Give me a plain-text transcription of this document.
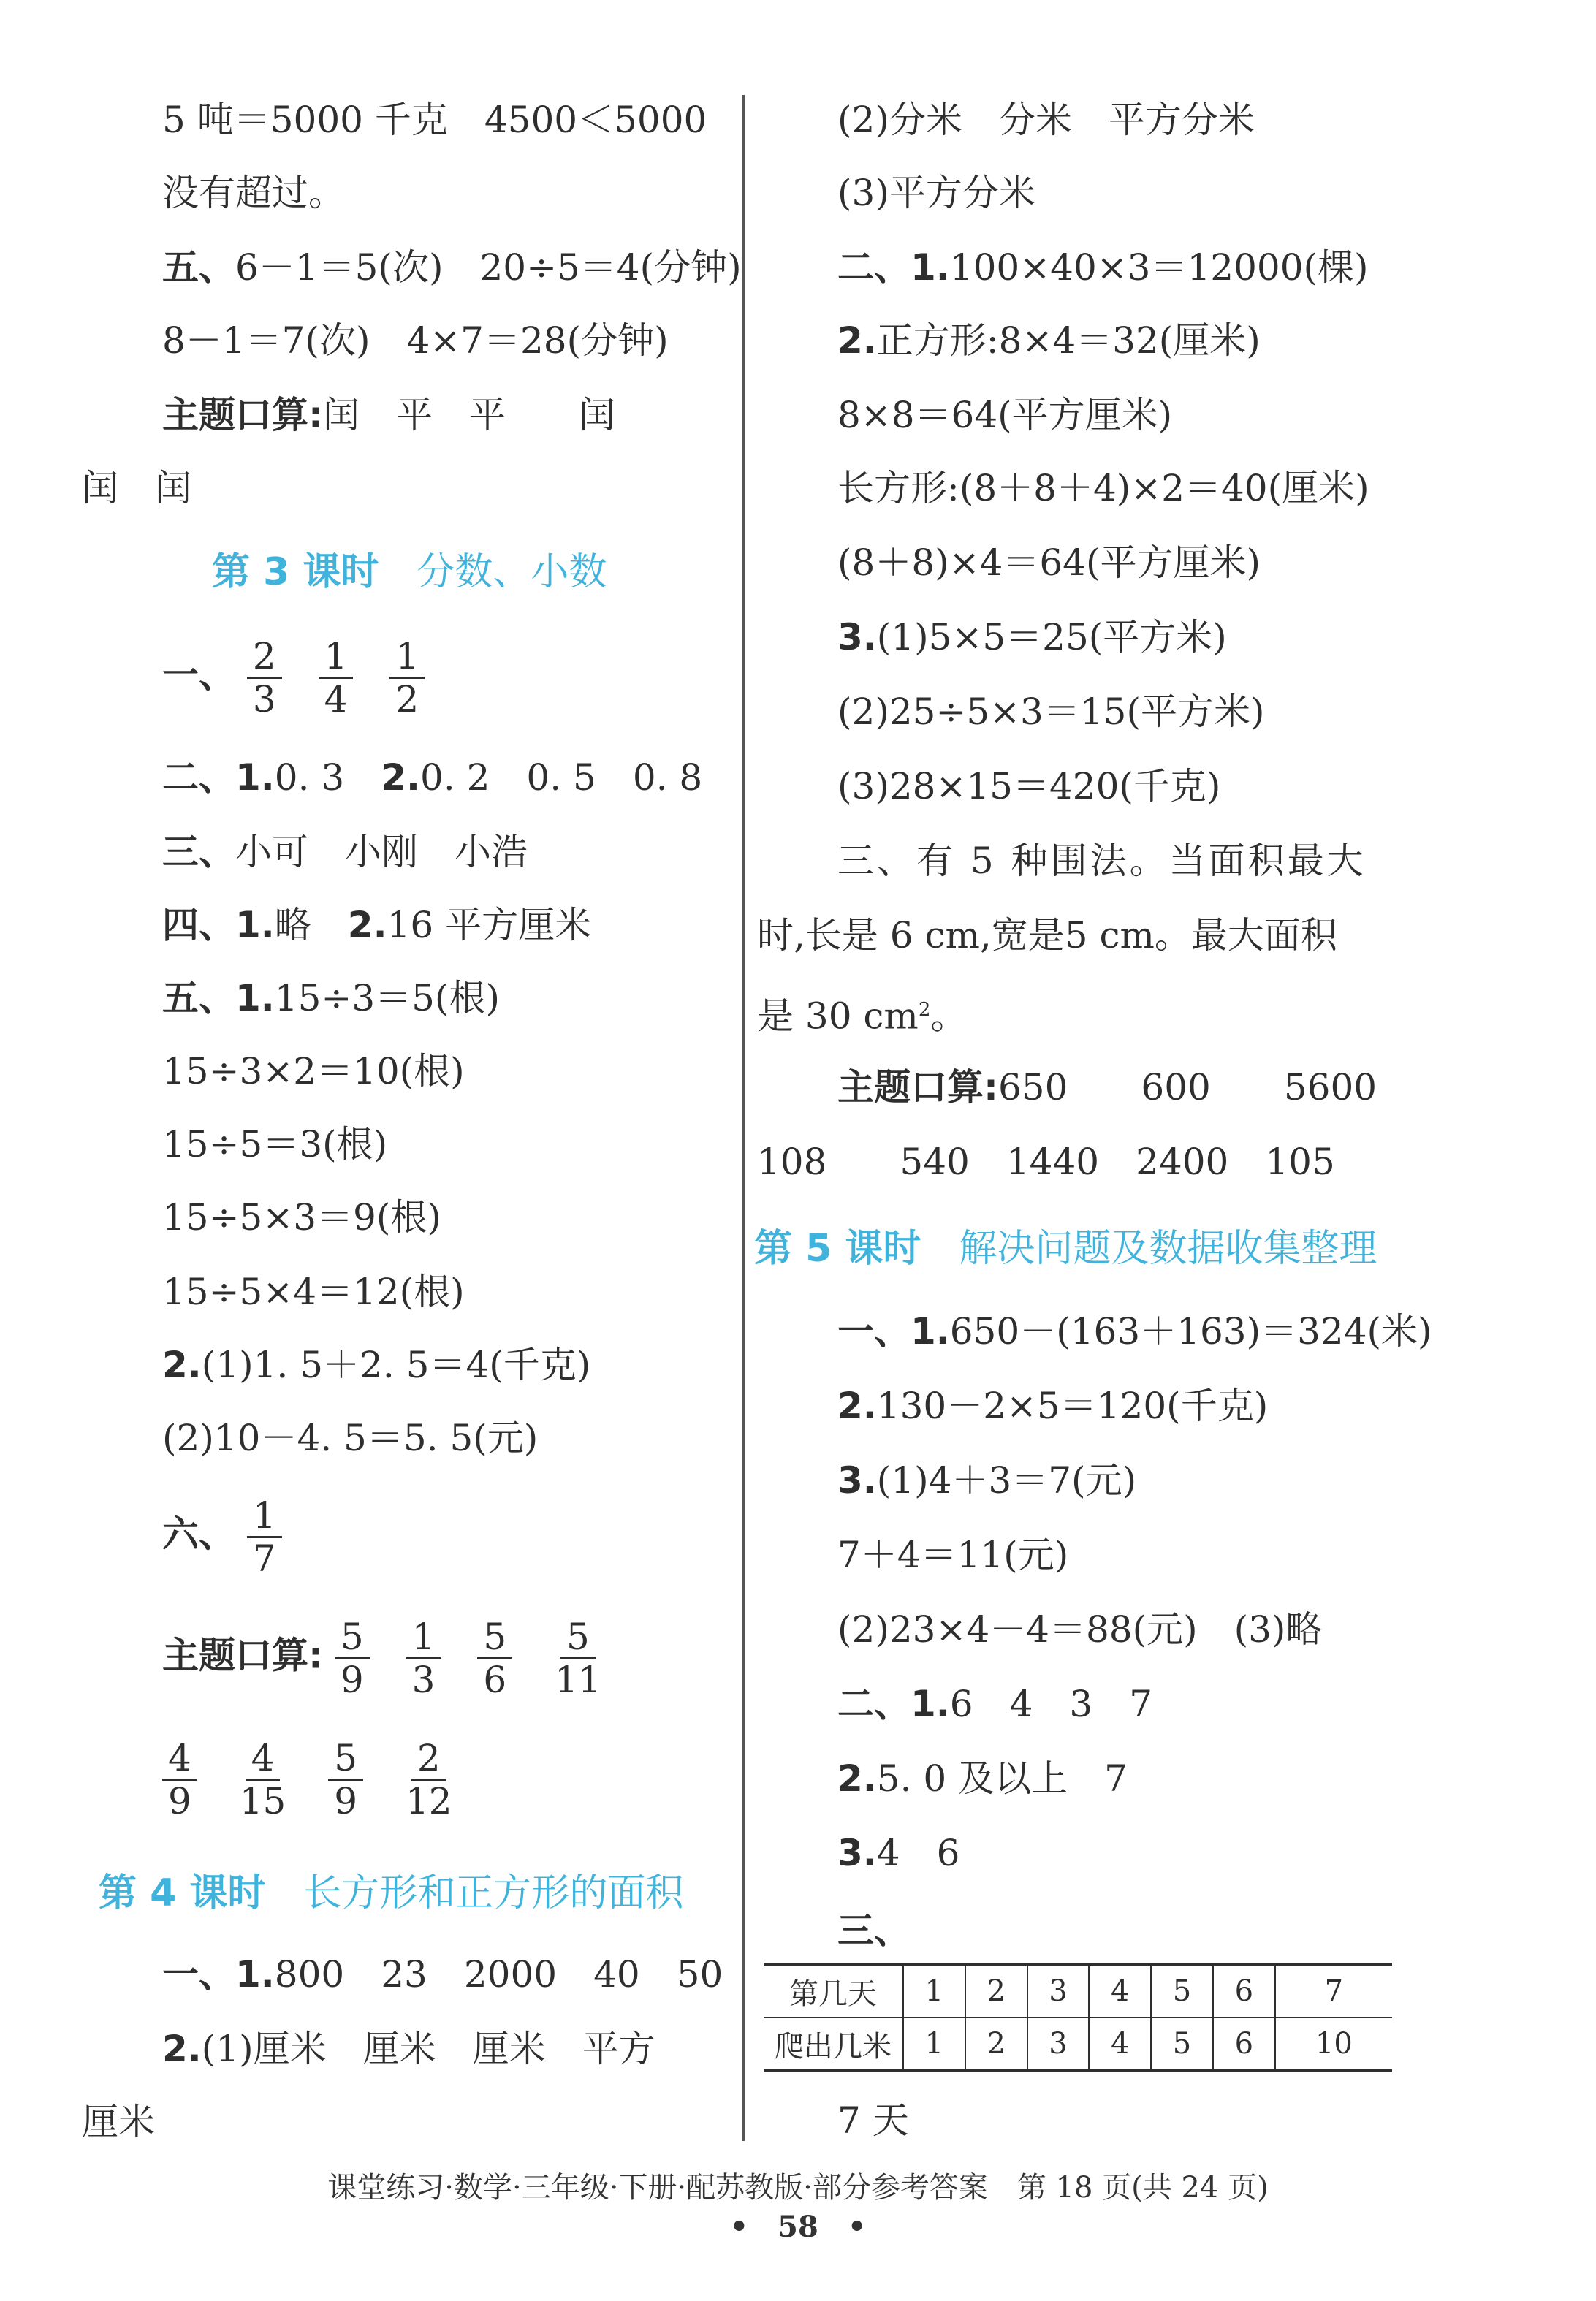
5 吨＝5000 千克　4500＜5000
没有超过。
五、6－1＝5(次)　20÷5＝4(分钟)
8－1＝7(次)　4×7＝28(分钟)
主题口算:闰　平　平　　闰
闰　闰
第 3 课时　 分数、小数
一、 $\frac{2}{3}$
$\frac{1}{4}$
$\frac{1}{2}$
二、1.0. 3　 2.0. 2　0. 5　0. 8
三、小可　小刚　小浩
四、1.略　 2.16 平方厘米
五、1.15÷3＝5(根)
15÷3×2＝10(根)
15÷5＝3(根)
15÷5×3＝9(根)
15÷5×4＝12(根)
2.(1)1. 5＋2. 5＝4(千克)
(2)10－4. 5＝5. 5(元)
六、 $\frac{1}{7}$
主题口算: $\frac{5}{9}$
$\frac{1}{3}$
$\frac{5}{6}$
$\frac{5}{11}$
$\frac{4}{9}$
$\frac{4}{15}$
$\frac{5}{9}$
$\frac{2}{12}$
第 4 课时　 长方形和正方形的面积
一、1.800　23　2000　40　50
2.(1)厘米　厘米　厘米　平方
厘米
(2)分米　分米　平方分米
(3)平方分米
二、1.100×40×3＝12000(棵)
2.正方形:8×4＝32(厘米)
8×8＝64(平方厘米)
长方形:(8＋8＋4)×2＝40(厘米)
(8＋8)×4＝64(平方厘米)
3.(1)5×5＝25(平方米)
(2)25÷5×3＝15(平方米)
(3)28×15＝420(千克)
三、有 5 种围法。当面积最大
时,长是 6 cm,宽是5 cm。最大面积
是 30 $cm^2$。
主题口算:650　　600　　5600
108　　540　1440　2400　105
第 5 课时　 解决问题及数据收集整理
一、1.650－(163＋163)＝324(米)
2.130－2×5＝120(千克)
3.(1)4＋3＝7(元)
7＋4＝11(元)
(2)23×4－4＝88(元)　(3)略
二、1.6　4　3　7
2.5. 0 及以上　7
3.4　6
三、
第几天	1	2	3	4	5	6	7
爬出几米	1	2	3	4	5	6	10
7 天
课堂练习·数学·三年级·下册·配苏教版·部分参考答案　第 18 页(共 24 页)
•　58　•
